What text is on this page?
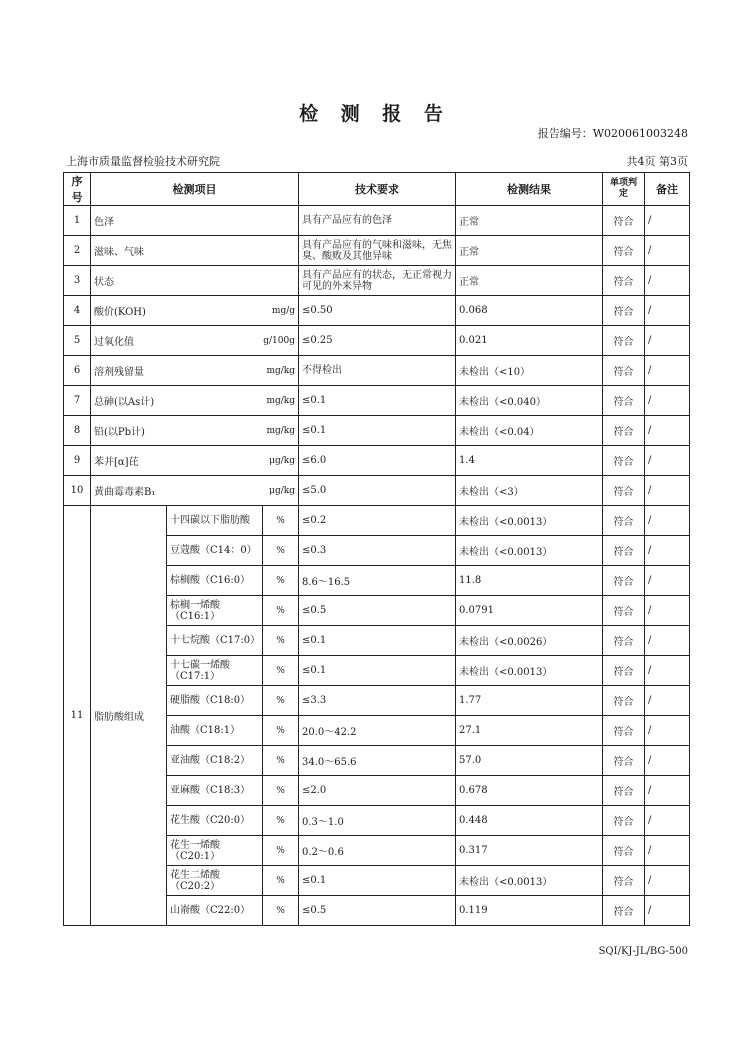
检 测 报 告
报告编号：W020061003248
上海市质量监督检验技术研究院	共4页 第3页
序号	检测项目			技术要求	检测结果	单项判定	备注
1	色泽			具有产品应有的色泽	正常	符合	/
2	滋味、气味			具有产品应有的气味和滋味，无焦臭、酸败及其他异味	正常	符合	/
3	状态			具有产品应有的状态，无正常视力可见的外来异物	正常	符合	/
4	酸价(KOH) mg/g			≤0.50	0.068	符合	/
5	过氧化值 g/100g			≤0.25	0.021	符合	/
6	溶剂残留量 mg/kg			不得检出	未检出（<10）	符合	/
7	总砷(以As计) mg/kg			≤0.1	未检出（<0.040）	符合	/
8	铅(以Pb计) mg/kg			≤0.1	未检出（<0.04）	符合	/
9	苯并[α]芘 μg/kg			≤6.0	1.4	符合	/
10	黄曲霉毒素B₁ μg/kg			≤5.0	未检出（<3）	符合	/
11	脂肪酸组成	十四碳以下脂肪酸	%	≤0.2	未检出（<0.0013）	符合	/
		豆蔻酸（C14：0）	%	≤0.3	未检出（<0.0013）	符合	/
		棕榈酸（C16:0）	%	8.6～16.5	11.8	符合	/
		棕榈一烯酸（C16:1）	%	≤0.5	0.0791	符合	/
		十七烷酸（C17:0）	%	≤0.1	未检出（<0.0026）	符合	/
		十七碳一烯酸（C17:1）	%	≤0.1	未检出（<0.0013）	符合	/
		硬脂酸（C18:0）	%	≤3.3	1.77	符合	/
		油酸（C18:1）	%	20.0～42.2	27.1	符合	/
		亚油酸（C18:2）	%	34.0～65.6	57.0	符合	/
		亚麻酸（C18:3）	%	≤2.0	0.678	符合	/
		花生酸（C20:0）	%	0.3～1.0	0.448	符合	/
		花生一烯酸（C20:1）	%	0.2～0.6	0.317	符合	/
		花生二烯酸（C20:2）	%	≤0.1	未检出（<0.0013）	符合	/
		山嵛酸（C22:0）	%	≤0.5	0.119	符合	/
SQI/KJ-JL/BG-500
